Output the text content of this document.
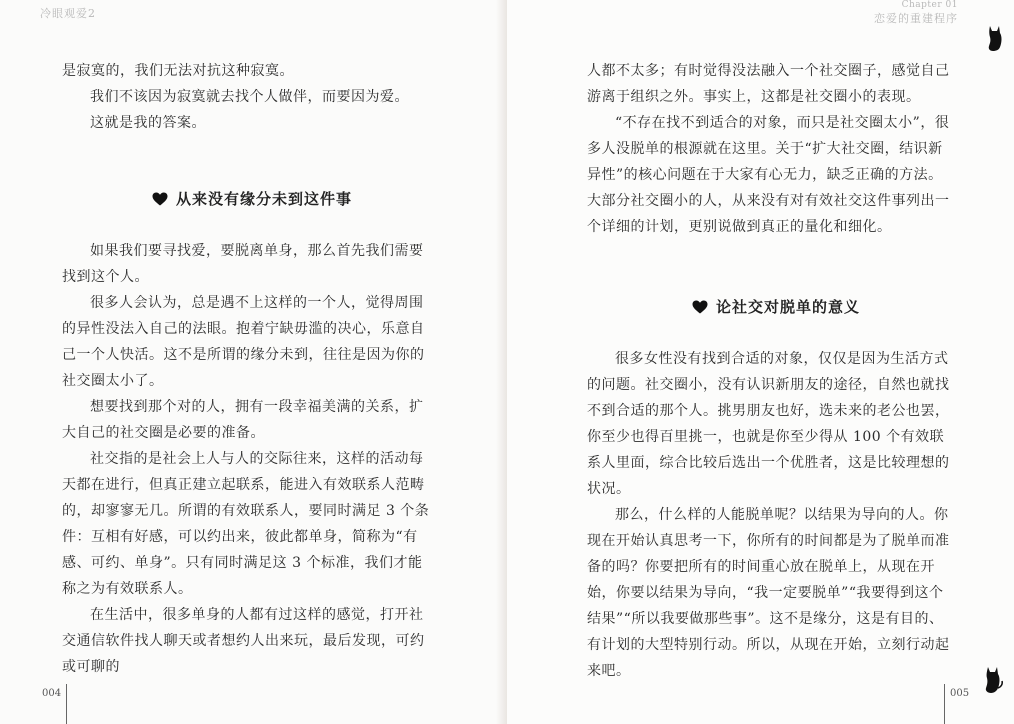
冷眼观爱2

是寂寞的，我们无法对抗这种寂寞。

我们不该因为寂寞就去找个人做伴，而要因为爱。

这就是我的答案。

从来没有缘分未到这件事

如果我们要寻找爱，要脱离单身，那么首先我们需要找到这个人。

很多人会认为，总是遇不上这样的一个人，觉得周围的异性没法入自己的法眼。抱着宁缺毋滥的决心，乐意自己一个人快活。这不是所谓的缘分未到，往往是因为你的社交圈太小了。

想要找到那个对的人，拥有一段幸福美满的关系，扩大自己的社交圈是必要的准备。

社交指的是社会上人与人的交际往来，这样的活动每天都在进行，但真正建立起联系，能进入有效联系人范畴的，却寥寥无几。所谓的有效联系人，要同时满足 3 个条件：互相有好感，可以约出来，彼此都单身，简称为“有感、可约、单身”。只有同时满足这 3 个标准，我们才能称之为有效联系人。

在生活中，很多单身的人都有过这样的感觉，打开社交通信软件找人聊天或者想约人出来玩，最后发现，可约或可聊的

004
Chapter 01
恋爱的重建程序

人都不太多；有时觉得没法融入一个社交圈子，感觉自己游离于组织之外。事实上，这都是社交圈小的表现。

“不存在找不到适合的对象，而只是社交圈太小”，很多人没脱单的根源就在这里。关于“扩大社交圈，结识新异性”的核心问题在于大家有心无力，缺乏正确的方法。大部分社交圈小的人，从来没有对有效社交这件事列出一个详细的计划，更别说做到真正的量化和细化。

论社交对脱单的意义

很多女性没有找到合适的对象，仅仅是因为生活方式的问题。社交圈小，没有认识新朋友的途径，自然也就找不到合适的那个人。挑男朋友也好，选未来的老公也罢，你至少也得百里挑一，也就是你至少得从 100 个有效联系人里面，综合比较后选出一个优胜者，这是比较理想的状况。

那么，什么样的人能脱单呢？以结果为导向的人。你现在开始认真思考一下，你所有的时间都是为了脱单而准备的吗？你要把所有的时间重心放在脱单上，从现在开始，你要以结果为导向，“我一定要脱单”“我要得到这个结果”“所以我要做那些事”。这不是缘分，这是有目的、有计划的大型特别行动。所以，从现在开始，立刻行动起来吧。

005
